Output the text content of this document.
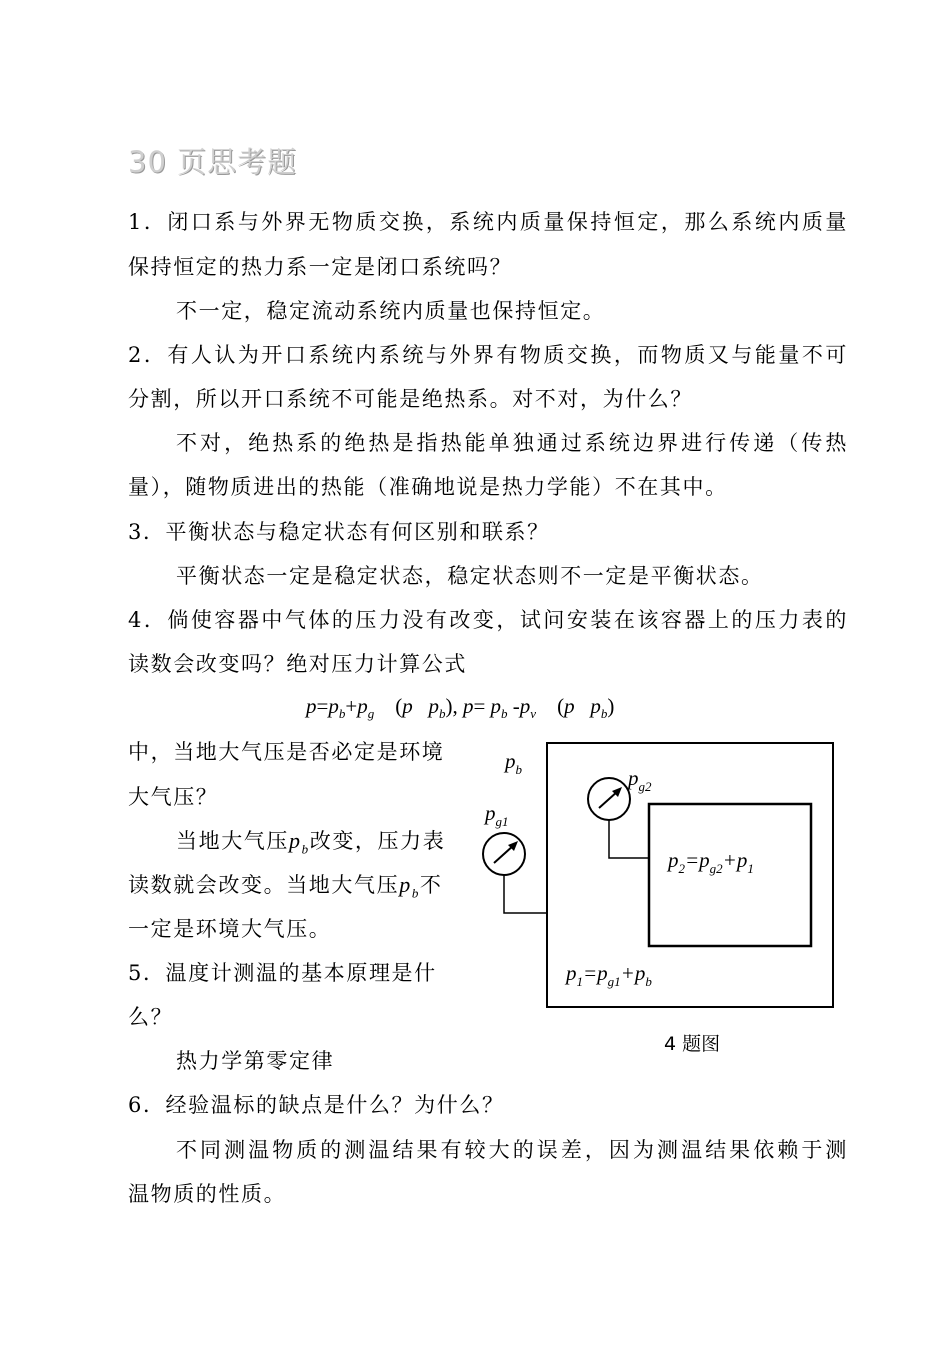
30 页思考题
1．闭口系与外界无物质交换，系统内质量保持恒定，那么系统内质量
保持恒定的热力系一定是闭口系统吗？
不一定，稳定流动系统内质量也保持恒定。
2．有人认为开口系统内系统与外界有物质交换，而物质又与能量不可
分割，所以开口系统不可能是绝热系。对不对，为什么？
不对，绝热系的绝热是指热能单独通过系统边界进行传递（传热
量），随物质进出的热能（准确地说是热力学能）不在其中。
3．平衡状态与稳定状态有何区别和联系？
平衡状态一定是稳定状态，稳定状态则不一定是平衡状态。
4．倘使容器中气体的压力没有改变，试问安装在该容器上的压力表的
读数会改变吗？绝对压力计算公式
$p=p_b+p_g$ (p $p_b$), $p= p_b$ $-p_v$ (p $p_b$)
中，当地大气压是否必定是环境
大气压？
当地大气压$p_b$改变，压力表
读数就会改变。当地大气压$p_b$不
一定是环境大气压。
$p_b$
$p_{g1}$
$p_{g2}$
$p_2=p_{g2}+p_1$
$p_1=p_{g1}+p_b$
4 题图
5．温度计测温的基本原理是什
么？
热力学第零定律
6．经验温标的缺点是什么？为什么？
不同测温物质的测温结果有较大的误差，因为测温结果依赖于测
温物质的性质。
